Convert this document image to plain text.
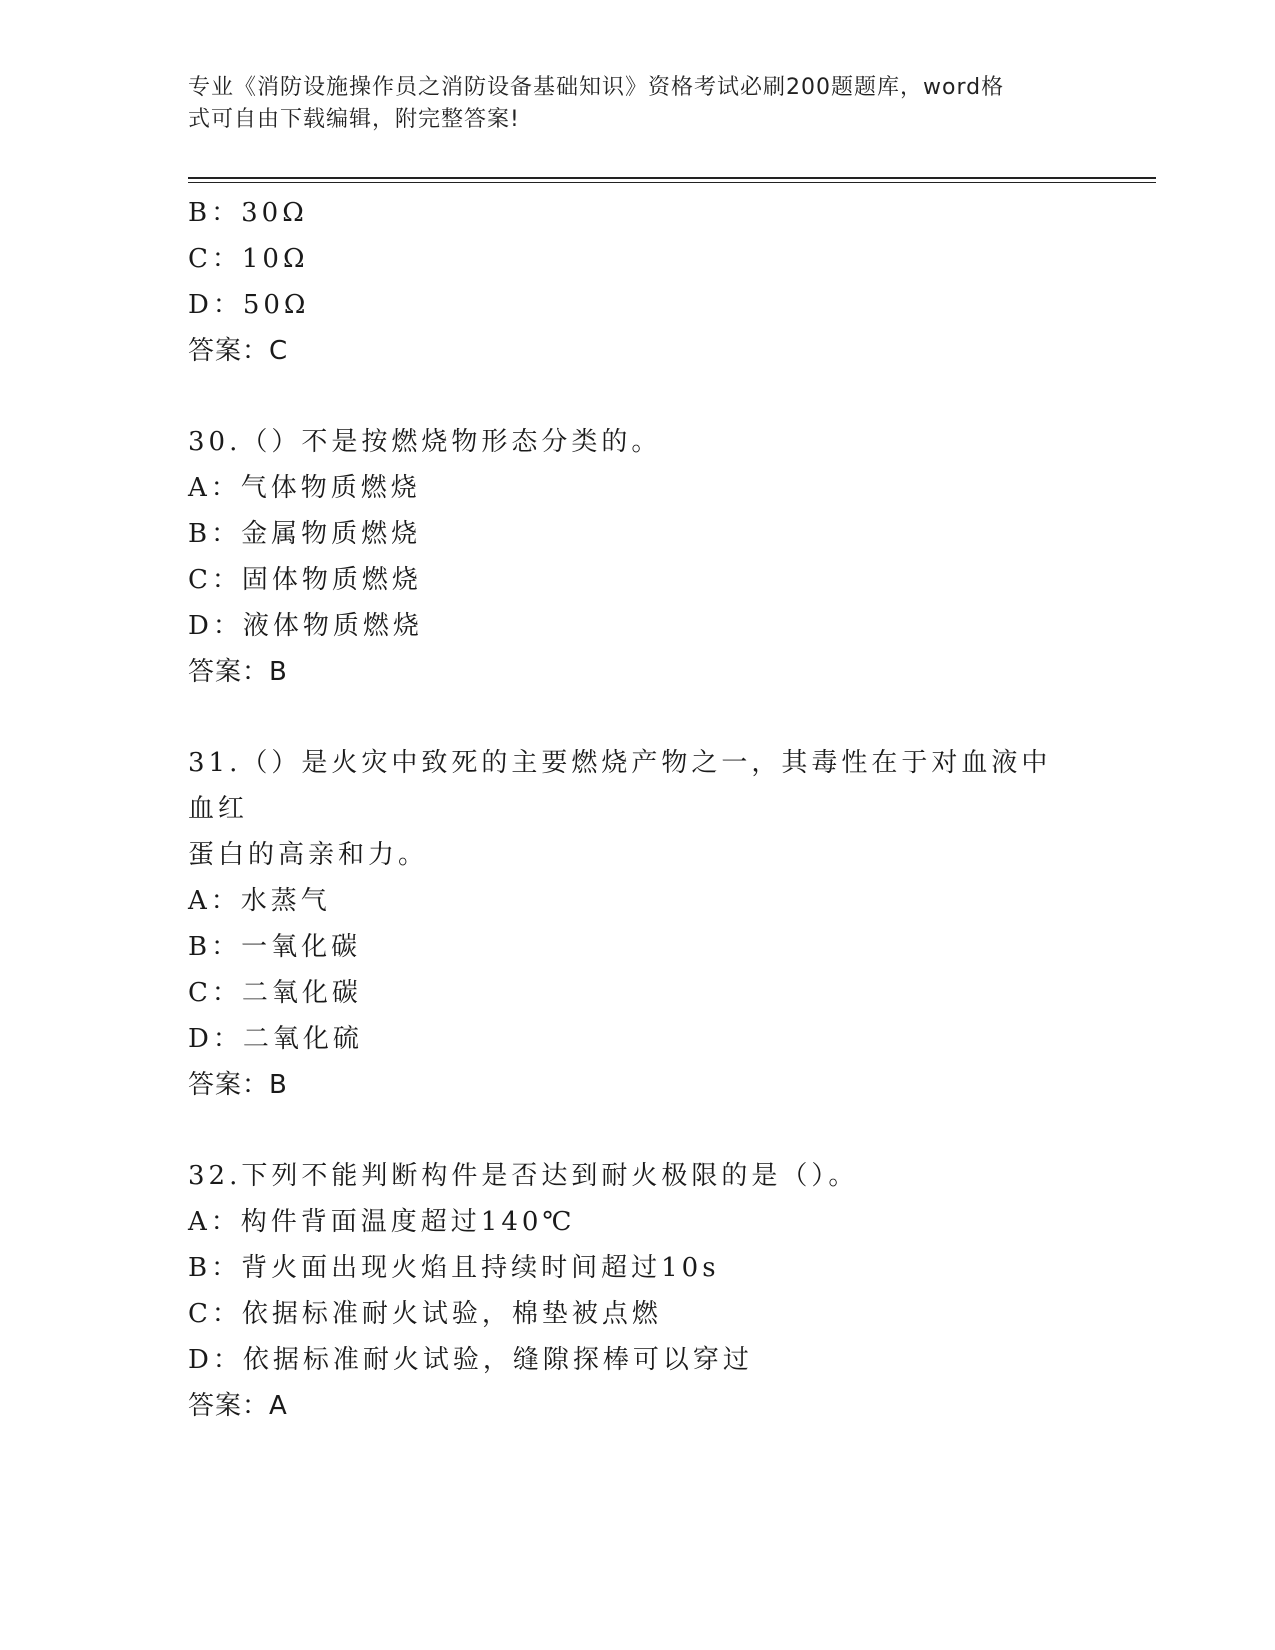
专业《消防设施操作员之消防设备基础知识》资格考试必刷200题题库，word格
式可自由下载编辑，附完整答案!
B：30Ω
C：10Ω
D：50Ω
答案：C
30.（）不是按燃烧物形态分类的。
A：气体物质燃烧
B：金属物质燃烧
C：固体物质燃烧
D：液体物质燃烧
答案：B
31.（）是火灾中致死的主要燃烧产物之一，其毒性在于对血液中血红
蛋白的高亲和力。
A：水蒸气
B：一氧化碳
C：二氧化碳
D：二氧化硫
答案：B
32.下列不能判断构件是否达到耐火极限的是（）。
A：构件背面温度超过140℃
B：背火面出现火焰且持续时间超过10s
C：依据标准耐火试验，棉垫被点燃
D：依据标准耐火试验，缝隙探棒可以穿过
答案：A
